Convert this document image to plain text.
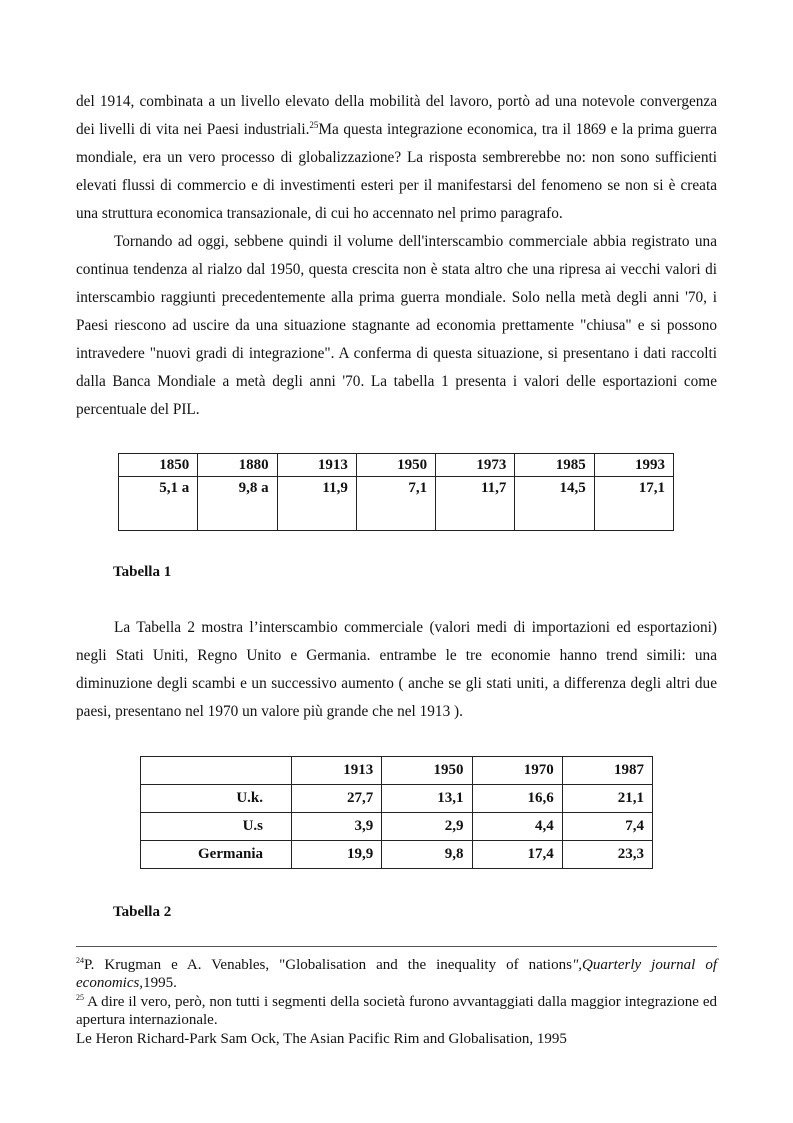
del 1914, combinata a un livello elevato della mobilità del lavoro, portò ad una notevole convergenza dei livelli di vita nei Paesi industriali.$^{25}$Ma questa integrazione economica, tra il 1869 e la prima guerra mondiale, era un vero processo di globalizzazione? La risposta sembrerebbe no: non sono sufficienti elevati flussi di commercio e di investimenti esteri per il manifestarsi del fenomeno se non si è creata una struttura economica transazionale, di cui ho accennato nel primo paragrafo.

Tornando ad oggi, sebbene quindi il volume dell'interscambio commerciale abbia registrato una continua tendenza al rialzo dal 1950, questa crescita non è stata altro che una ripresa ai vecchi valori di interscambio raggiunti precedentemente alla prima guerra mondiale. Solo nella metà degli anni '70, i Paesi riescono ad uscire da una situazione stagnante ad economia prettamente "chiusa" e si possono intravedere "nuovi gradi di integrazione". A conferma di questa situazione, si presentano i dati raccolti dalla Banca Mondiale a metà degli anni '70. La tabella 1 presenta i valori delle esportazioni come percentuale del PIL.

1850	1880	1913	1950	1973	1985	1993
5,1 a	9,8 a	11,9	7,1	11,7	14,5	17,1

Tabella 1

La Tabella 2 mostra l’interscambio commerciale (valori medi di importazioni ed esportazioni) negli Stati Uniti, Regno Unito e Germania. entrambe le tre economie hanno trend simili: una diminuzione degli scambi e un successivo aumento ( anche se gli stati uniti, a differenza degli altri due paesi, presentano nel 1970 un valore più grande che nel 1913 ).

	1913	1950	1970	1987
U.k.	27,7	13,1	16,6	21,1
U.s	3,9	2,9	4,4	7,4
Germania	19,9	9,8	17,4	23,3

Tabella 2

$^{24}$P. Krugman e A. Venables, "Globalisation and the inequality of nations",Quarterly journal of economics,1995.

$^{25}$ A dire il vero, però, non tutti i segmenti della società furono avvantaggiati dalla maggior integrazione ed apertura internazionale.

Le Heron Richard-Park Sam Ock, The Asian Pacific Rim and Globalisation, 1995
